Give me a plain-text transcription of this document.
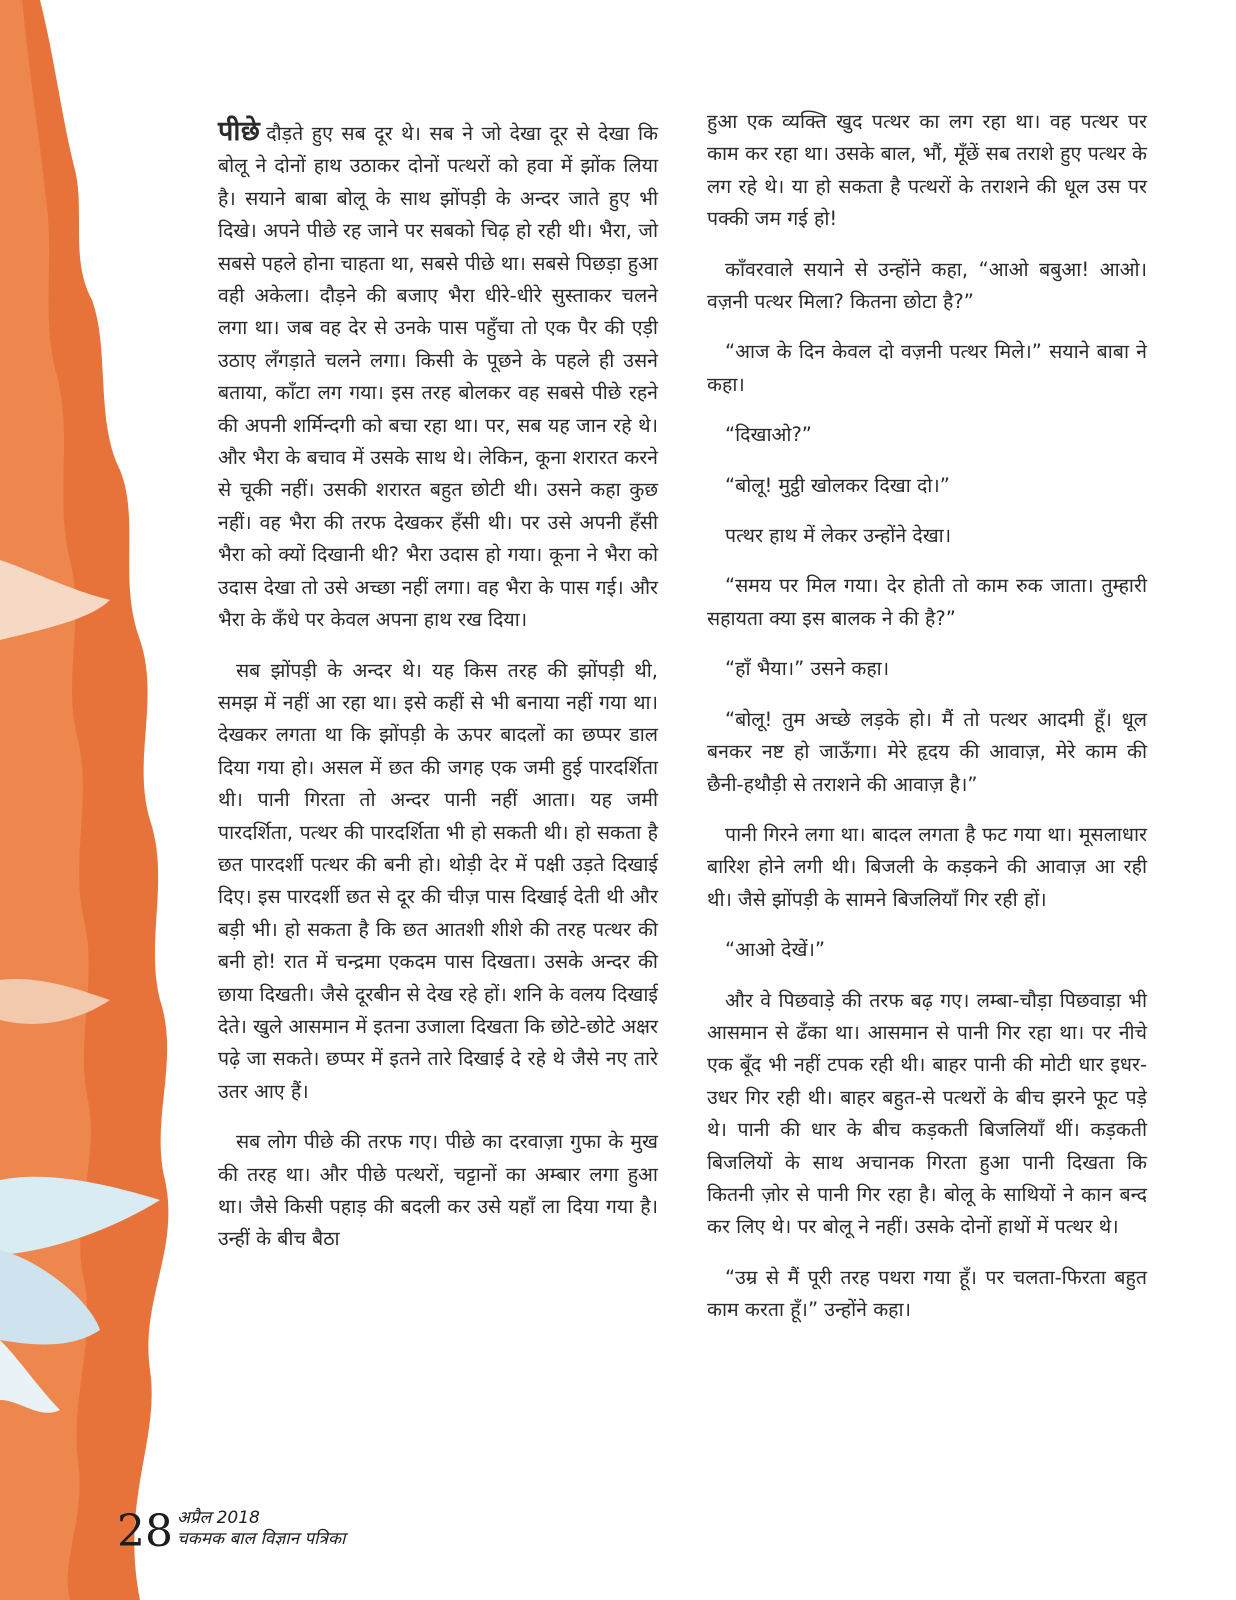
पीछे दौड़ते हुए सब दूर थे। सब ने जो देखा दूर से देखा कि बोलू ने दोनों हाथ उठाकर दोनों पत्थरों को हवा में झोंक लिया है। सयाने बाबा बोलू के साथ झोंपड़ी के अन्दर जाते हुए भी दिखे। अपने पीछे रह जाने पर सबको चिढ़ हो रही थी। भैरा, जो सबसे पहले होना चाहता था, सबसे पीछे था। सबसे पिछड़ा हुआ वही अकेला। दौड़ने की बजाए भैरा धीरे-धीरे सुस्ताकर चलने लगा था। जब वह देर से उनके पास पहुँचा तो एक पैर की एड़ी उठाए लँगड़ाते चलने लगा। किसी के पूछने के पहले ही उसने बताया, काँटा लग गया। इस तरह बोलकर वह सबसे पीछे रहने की अपनी शर्मिन्दगी को बचा रहा था। पर, सब यह जान रहे थे। और भैरा के बचाव में उसके साथ थे। लेकिन, कूना शरारत करने से चूकी नहीं। उसकी शरारत बहुत छोटी थी। उसने कहा कुछ नहीं। वह भैरा की तरफ देखकर हँसी थी। पर उसे अपनी हँसी भैरा को क्यों दिखानी थी? भैरा उदास हो गया। कूना ने भैरा को उदास देखा तो उसे अच्छा नहीं लगा। वह भैरा के पास गई। और भैरा के कँधे पर केवल अपना हाथ रख दिया।

सब झोंपड़ी के अन्दर थे। यह किस तरह की झोंपड़ी थी, समझ में नहीं आ रहा था। इसे कहीं से भी बनाया नहीं गया था। देखकर लगता था कि झोंपड़ी के ऊपर बादलों का छप्पर डाल दिया गया हो। असल में छत की जगह एक जमी हुई पारदर्शिता थी। पानी गिरता तो अन्दर पानी नहीं आता। यह जमी पारदर्शिता, पत्थर की पारदर्शिता भी हो सकती थी। हो सकता है छत पारदर्शी पत्थर की बनी हो। थोड़ी देर में पक्षी उड़ते दिखाई दिए। इस पारदर्शी छत से दूर की चीज़ पास दिखाई देती थी और बड़ी भी। हो सकता है कि छत आतशी शीशे की तरह पत्थर की बनी हो! रात में चन्द्रमा एकदम पास दिखता। उसके अन्दर की छाया दिखती। जैसे दूरबीन से देख रहे हों। शनि के वलय दिखाई देते। खुले आसमान में इतना उजाला दिखता कि छोटे-छोटे अक्षर पढ़े जा सकते। छप्पर में इतने तारे दिखाई दे रहे थे जैसे नए तारे उतर आए हैं।

सब लोग पीछे की तरफ गए। पीछे का दरवाज़ा गुफा के मुख की तरह था। और पीछे पत्थरों, चट्टानों का अम्बार लगा हुआ था। जैसे किसी पहाड़ की बदली कर उसे यहाँ ला दिया गया है। उन्हीं के बीच बैठा

हुआ एक व्यक्ति खुद पत्थर का लग रहा था। वह पत्थर पर काम कर रहा था। उसके बाल, भौं, मूँछें सब तराशे हुए पत्थर के लग रहे थे। या हो सकता है पत्थरों के तराशने की धूल उस पर पक्की जम गई हो!

काँवरवाले सयाने से उन्होंने कहा, “आओ बबुआ! आओ। वज़नी पत्थर मिला? कितना छोटा है?”

“आज के दिन केवल दो वज़नी पत्थर मिले।” सयाने बाबा ने कहा।

“दिखाओ?”

“बोलू! मुट्ठी खोलकर दिखा दो।”

पत्थर हाथ में लेकर उन्होंने देखा।

“समय पर मिल गया। देर होती तो काम रुक जाता। तुम्हारी सहायता क्या इस बालक ने की है?”

“हाँ भैया।” उसने कहा।

“बोलू! तुम अच्छे लड़के हो। मैं तो पत्थर आदमी हूँ। धूल बनकर नष्ट हो जाऊँगा। मेरे हृदय की आवाज़, मेरे काम की छैनी-हथौड़ी से तराशने की आवाज़ है।”

पानी गिरने लगा था। बादल लगता है फट गया था। मूसलाधार बारिश होने लगी थी। बिजली के कड़कने की आवाज़ आ रही थी। जैसे झोंपड़ी के सामने बिजलियाँ गिर रही हों।

“आओ देखें।”

और वे पिछवाड़े की तरफ बढ़ गए। लम्बा-चौड़ा पिछवाड़ा भी आसमान से ढँका था। आसमान से पानी गिर रहा था। पर नीचे एक बूँद भी नहीं टपक रही थी। बाहर पानी की मोटी धार इधर-उधर गिर रही थी। बाहर बहुत-से पत्थरों के बीच झरने फूट पड़े थे। पानी की धार के बीच कड़कती बिजलियाँ थीं। कड़कती बिजलियों के साथ अचानक गिरता हुआ पानी दिखता कि कितनी ज़ोर से पानी गिर रहा है। बोलू के साथियों ने कान बन्द कर लिए थे। पर बोलू ने नहीं। उसके दोनों हाथों में पत्थर थे।

“उम्र से मैं पूरी तरह पथरा गया हूँ। पर चलता-फिरता बहुत काम करता हूँ।” उन्होंने कहा।

28 अप्रैल 2018
चकमक बाल विज्ञान पत्रिका
